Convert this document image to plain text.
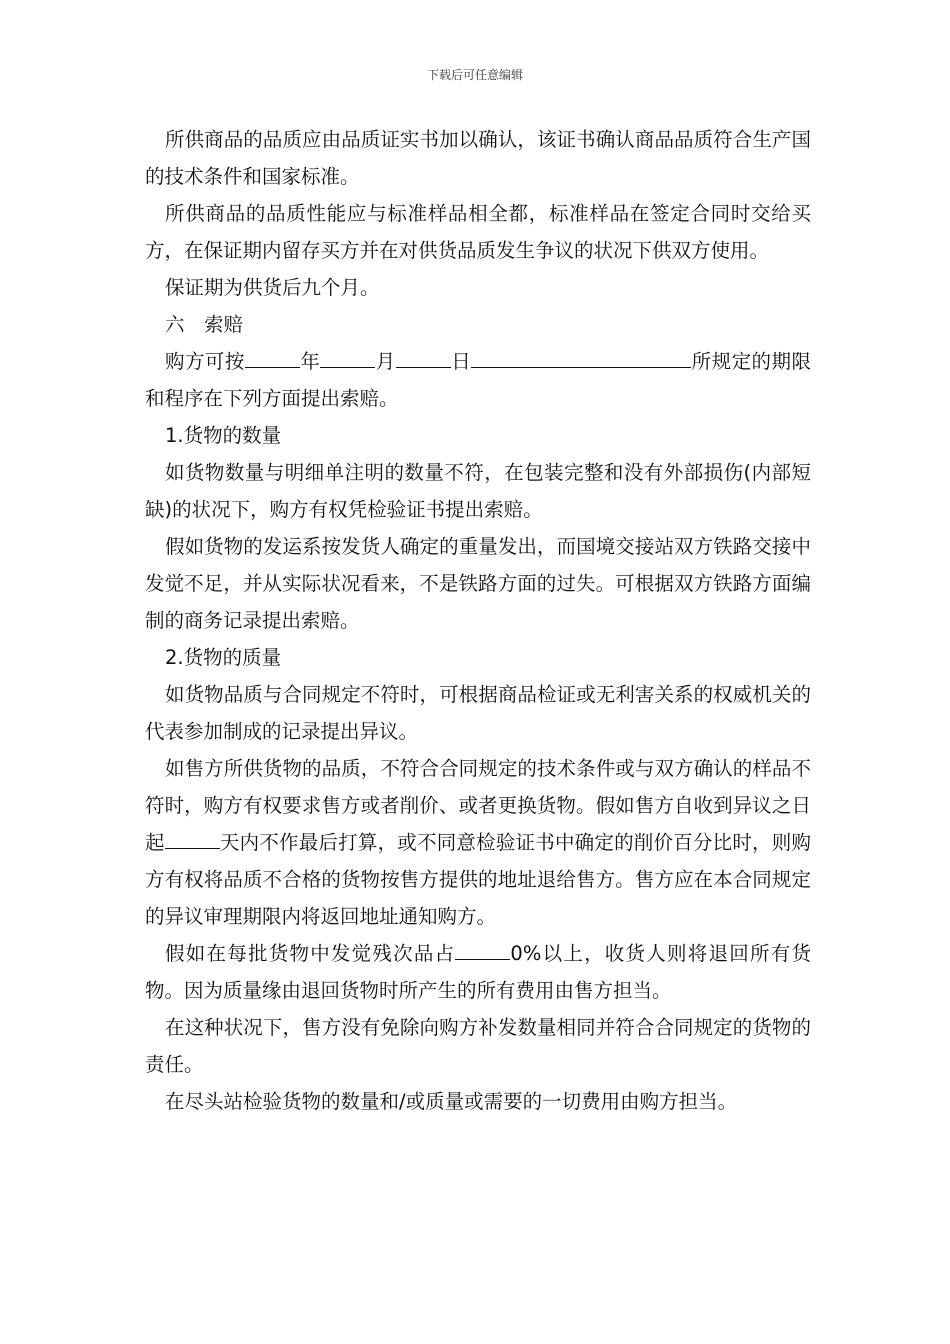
下载后可任意编辑

所供商品的品质应由品质证实书加以确认，该证书确认商品品质符合生产国的技术条件和国家标准。

所供商品的品质性能应与标准样品相全都，标准样品在签定合同时交给买方，在保证期内留存买方并在对供货品质发生争议的状况下供双方使用。

保证期为供货后九个月。

六　索赔

购方可按	年	月	日	所规定的期限和程序在下列方面提出索赔。

1.货物的数量

如货物数量与明细单注明的数量不符，在包装完整和没有外部损伤(内部短缺)的状况下，购方有权凭检验证书提出索赔。

假如货物的发运系按发货人确定的重量发出，而国境交接站双方铁路交接中发觉不足，并从实际状况看来，不是铁路方面的过失。可根据双方铁路方面编制的商务记录提出索赔。

2.货物的质量

如货物品质与合同规定不符时，可根据商品检证或无利害关系的权威机关的代表参加制成的记录提出异议。

如售方所供货物的品质，不符合合同规定的技术条件或与双方确认的样品不符时，购方有权要求售方或者削价、或者更换货物。假如售方自收到异议之日起	天内不作最后打算，或不同意检验证书中确定的削价百分比时，则购方有权将品质不合格的货物按售方提供的地址退给售方。售方应在本合同规定的异议审理期限内将返回地址通知购方。

假如在每批货物中发觉残次品占	0%以上，收货人则将退回所有货物。因为质量缘由退回货物时所产生的所有费用由售方担当。

在这种状况下，售方没有免除向购方补发数量相同并符合合同规定的货物的责任。

在尽头站检验货物的数量和/或质量或需要的一切费用由购方担当。
